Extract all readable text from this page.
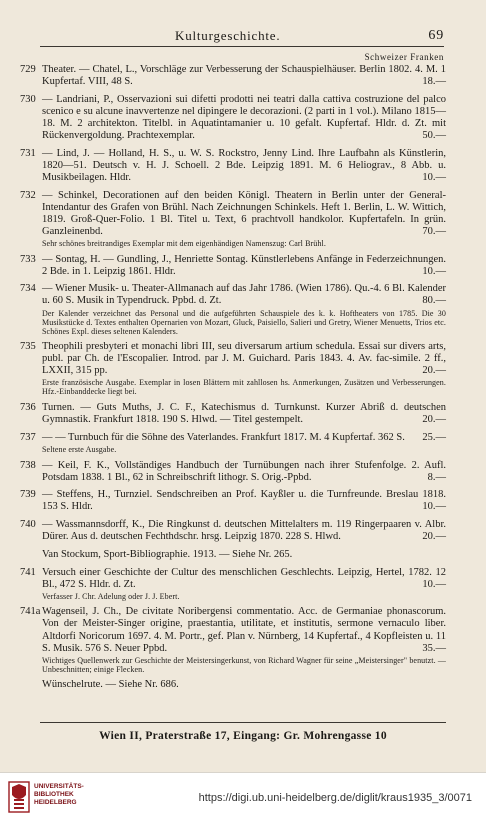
Kulturgeschichte.	69
Schweizer Franken
729 Theater. — Chatel, L., Vorschläge zur Verbesserung der Schauspielhäuser. Berlin 1802. 4. M. 1 Kupfertaf. VIII, 48 S.	18.—
730 — Landriani, P., Osservazioni sui difetti prodotti nei teatri dalla cattiva costruzione del palco scenico e su alcune inavvertenze nel dipingere le decorazioni. (2 parti in 1 vol.). Milano 1815—18. M. 2 architekton. Titelbl. in Aquatintamanier u. 10 gefalt. Kupfertaf. Hldr. d. Zt. mit Rückenvergoldung. Prachtexemplar.	50.—
731 — Lind, J. — Holland, H. S., u. W. S. Rockstro, Jenny Lind. Ihre Laufbahn als Künstlerin, 1820—51. Deutsch v. H. J. Schoell. 2 Bde. Leipzig 1891. M. 6 Heliograv., 8 Abb. u. Musikbeilagen. Hldr.	10.—
732 — Schinkel, Decorationen auf den beiden Königl. Theatern in Berlin unter der General-Intendantur des Grafen von Brühl. Nach Zeichnungen Schinkels. Heft 1. Berlin, L. W. Wittich, 1819. Groß-Quer-Folio. 1 Bl. Titel u. Text, 6 prachtvoll handkolor. Kupfertafeln. In grün. Ganzleinenbd.	70.—
Sehr schönes breitrandiges Exemplar mit dem eigenhändigen Namenszug: Carl Brühl.
733 — Sontag, H. — Gundling, J., Henriette Sontag. Künstlerlebens Anfänge in Federzeichnungen. 2 Bde. in 1. Leipzig 1861. Hldr.	10.—
734 — Wiener Musik- u. Theater-Allmanach auf das Jahr 1786. (Wien 1786). Qu.-4. 6 Bl. Kalender u. 60 S. Musik in Typendruck. Ppbd. d. Zt.	80.—
Der Kalender verzeichnet das Personal und die aufgeführten Schauspiele des k. k. Hoftheaters von 1785. Die 30 Musikstücke d. Textes enthalten Opernarien von Mozart, Gluck, Paisiello, Salieri und Gretry, Wiener Menuetts, Trios etc. Schönes Expl. dieses seltenen Kalenders.
735 Theophili presbyteri et monachi libri III, seu diversarum artium schedula. Essai sur divers arts, publ. par Ch. de l'Escopalier. Introd. par J. M. Guichard. Paris 1843. 4. Av. fac-simile. 2 ff., LXXII, 315 pp.	20.—
Erste französische Ausgabe. Exemplar in losen Blättern mit zahllosen hs. Anmerkungen, Zusätzen und Verbesserungen. Hfz.-Einbanddecke liegt bei.
736 Turnen. — Guts Muths, J. C. F., Katechismus d. Turnkunst. Kurzer Abriß d. deutschen Gymnastik. Frankfurt 1818. 190 S. Hlwd. — Titel gestempelt.	20.—
737 — — Turnbuch für die Söhne des Vaterlandes. Frankfurt 1817. M. 4 Kupfertaf. 362 S.	25.—
Seltene erste Ausgabe.
738 — Keil, F. K., Vollständiges Handbuch der Turnübungen nach ihrer Stufenfolge. 2. Aufl. Potsdam 1838. 1 Bl., 62 in Schreibschrift lithogr. S. Orig.-Ppbd.	8.—
739 — Steffens, H., Turnziel. Sendschreiben an Prof. Kayßler u. die Turnfreunde. Breslau 1818. 153 S. Hldr.	10.—
740 — Wassmannsdorff, K., Die Ringkunst d. deutschen Mittelalters m. 119 Ringerpaaren v. Albr. Dürer. Aus d. deutschen Fechthdschr. hrsg. Leipzig 1870. 228 S. Hlwd.	20.—
Van Stockum, Sport-Bibliographie. 1913. — Siehe Nr. 265.
741 Versuch einer Geschichte der Cultur des menschlichen Geschlechts. Leipzig, Hertel, 1782. 12 Bl., 472 S. Hldr. d. Zt.	10.—
Verfasser J. Chr. Adelung oder J. J. Ebert.
741a Wagenseil, J. Ch., De civitate Noribergensi commentatio. Acc. de Germaniae phonascorum. Von der Meister-Singer origine, praestantia, utilitate, et institutis, sermone vernaculo liber. Altdorfi Noricorum 1697. 4. M. Portr., gef. Plan v. Nürnberg, 14 Kupfertaf., 4 Kopfleisten u. 11 S. Musik. 576 S. Neuer Ppbd.	35.—
Wichtiges Quellenwerk zur Geschichte der Meistersingerkunst, von Richard Wagner für seine „Meistersinger" benutzt. — Unbeschnitten; einige Flecken.
Wünschelrute. — Siehe Nr. 686.
Wien II, Praterstraße 17, Eingang: Gr. Mohrengasse 10
UNIVERSITÄTS-
BIBLIOTHEK
HEIDELBERG	https://digi.ub.uni-heidelberg.de/diglit/kraus1935_3/0071
